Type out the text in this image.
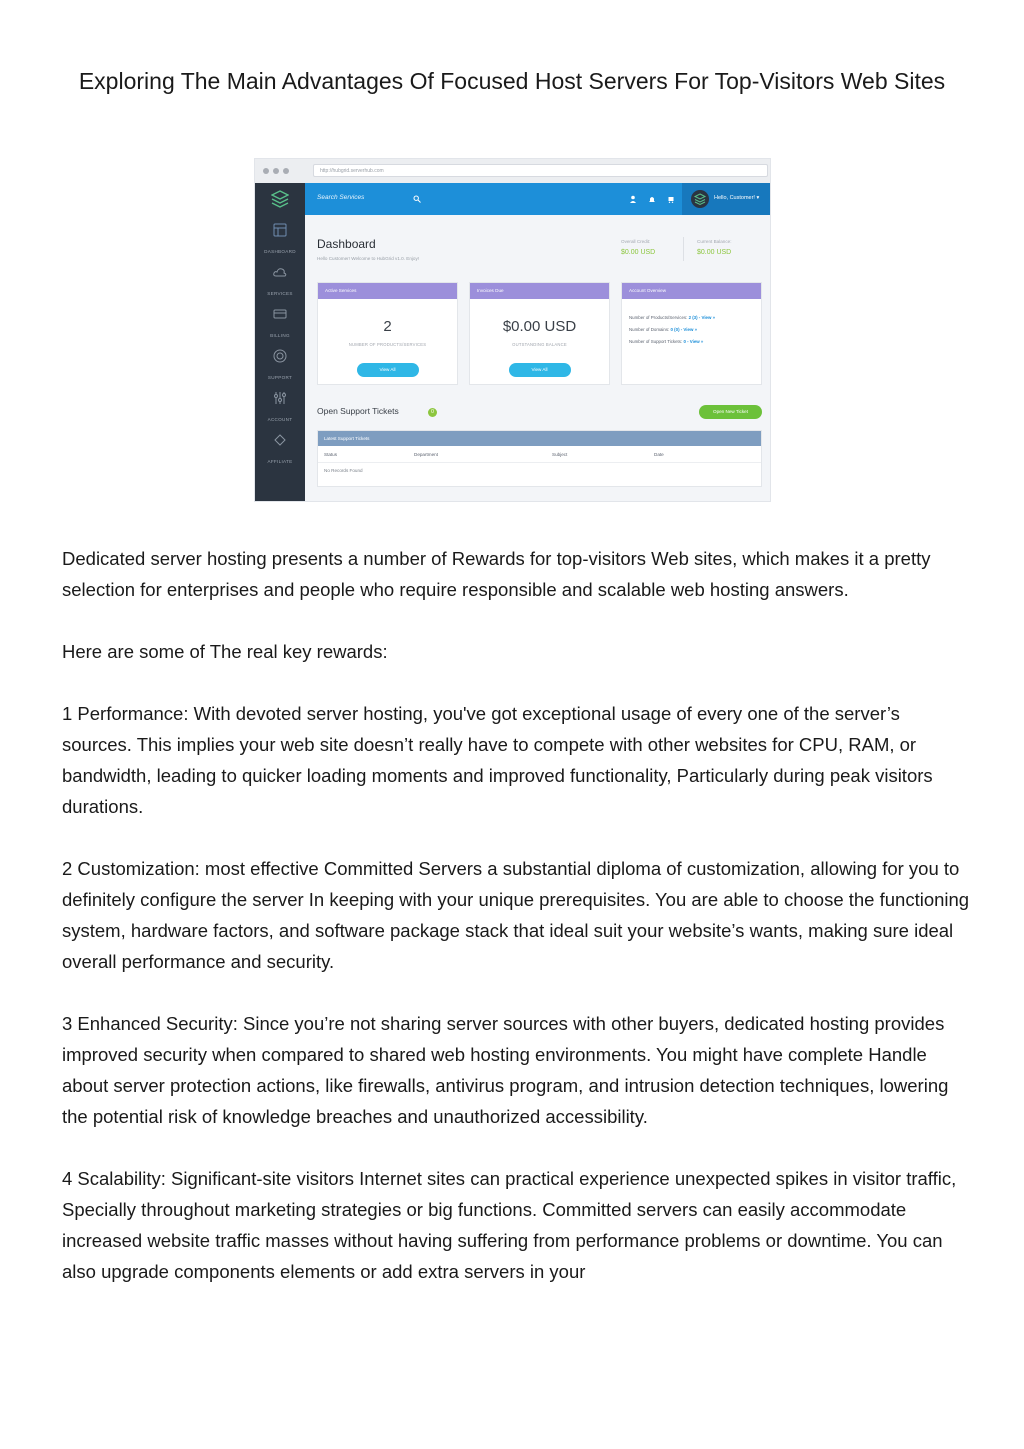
Exploring The Main Advantages Of Focused Host Servers For Top-Visitors Web Sites
http://hubgrid.serverhub.com
DASHBOARD
SERVICES
BILLING
SUPPORT
ACCOUNT
AFFILIATE
Search Services	Hello, Customer! ▾
Dashboard
Hello Customer! Welcome to HubGrid v1.0. Enjoy!
Overall Credit:
$0.00 USD
Current Balance:
$0.00 USD
Active Services
2
NUMBER OF PRODUCTS/SERVICES
View All
Invoices Due
$0.00 USD
OUTSTANDING BALANCE
View All
Account Overview
Number of Products/Services: 2 (3) - View »
Number of Domains: 0 (0) - View »
Number of Support Tickets: 0 - View »
Open Support Tickets	0	Open New Ticket
Latest Support Tickets
Status	Department	Subject	Date
No Records Found

Dedicated server hosting presents a number of Rewards for top-visitors Web sites, which makes it a pretty selection for enterprises and people who require responsible and scalable web hosting answers.

Here are some of The real key rewards:

1 Performance: With devoted server hosting, you've got exceptional usage of every one of the server’s sources. This implies your web site doesn’t really have to compete with other websites for CPU, RAM, or bandwidth, leading to quicker loading moments and improved functionality, Particularly during peak visitors durations.

2 Customization: most effective Committed Servers a substantial diploma of customization, allowing for you to definitely configure the server In keeping with your unique prerequisites. You are able to choose the functioning system, hardware factors, and software package stack that ideal suit your website’s wants, making sure ideal overall performance and security.

3 Enhanced Security: Since you’re not sharing server sources with other buyers, dedicated hosting provides improved security when compared to shared web hosting environments. You might have complete Handle about server protection actions, like firewalls, antivirus program, and intrusion detection techniques, lowering the potential risk of knowledge breaches and unauthorized accessibility.

4 Scalability: Significant-site visitors Internet sites can practical experience unexpected spikes in visitor traffic, Specially throughout marketing strategies or big functions. Committed servers can easily accommodate increased website traffic masses without having suffering from performance problems or downtime. You can also upgrade components elements or add extra servers in your
